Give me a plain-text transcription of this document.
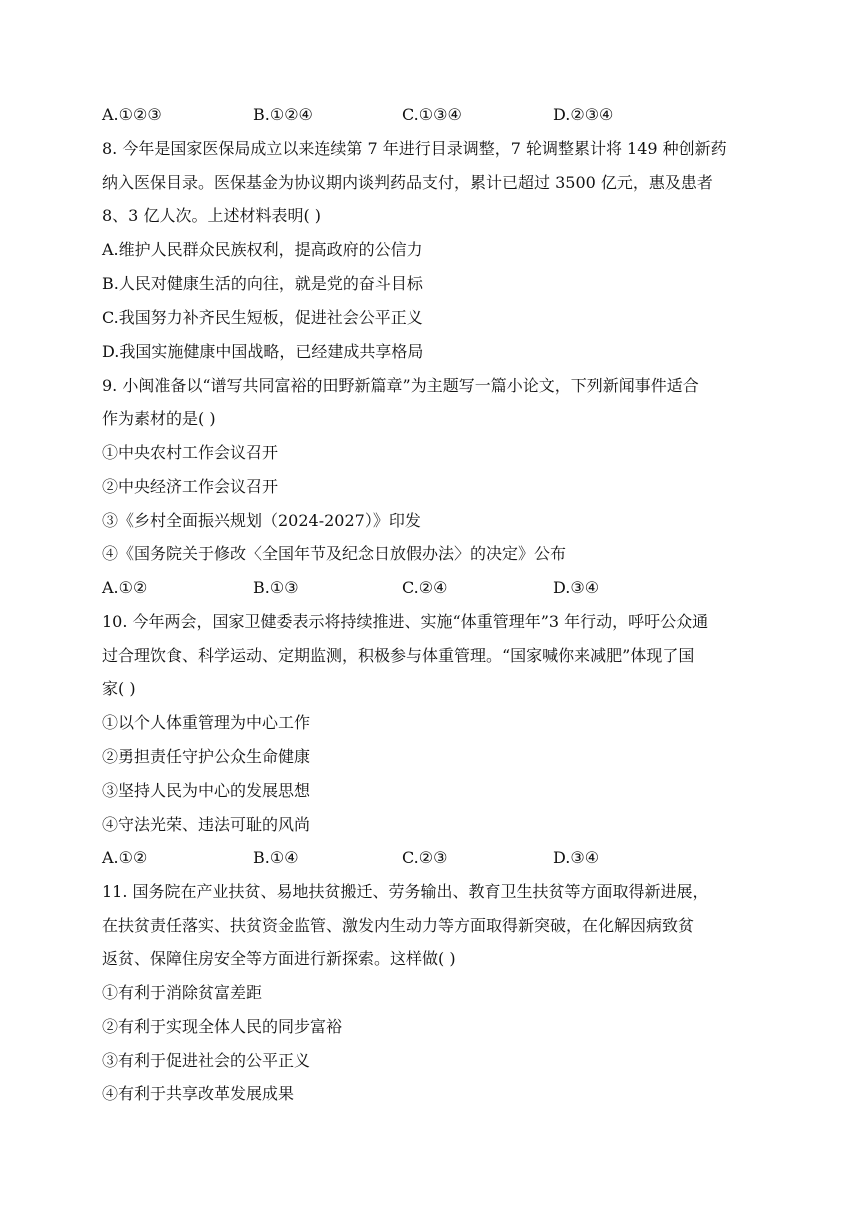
A.①②③	B.①②④	C.①③④	D.②③④
8. 今年是国家医保局成立以来连续第 7 年进行目录调整，7 轮调整累计将 149 种创新药
纳入医保目录。医保基金为协议期内谈判药品支付，累计已超过 3500 亿元，惠及患者
8、3 亿人次。上述材料表明( )
A.维护人民群众民族权利，提高政府的公信力
B.人民对健康生活的向往，就是党的奋斗目标
C.我国努力补齐民生短板，促进社会公平正义
D.我国实施健康中国战略，已经建成共享格局
9. 小闽准备以“谱写共同富裕的田野新篇章”为主题写一篇小论文，下列新闻事件适合
作为素材的是( )
①中央农村工作会议召开
②中央经济工作会议召开
③《乡村全面振兴规划（2024-2027）》印发
④《国务院关于修改〈全国年节及纪念日放假办法〉的决定》公布
A.①②	B.①③	C.②④	D.③④
10. 今年两会，国家卫健委表示将持续推进、实施“体重管理年”3 年行动，呼吁公众通
过合理饮食、科学运动、定期监测，积极参与体重管理。“国家喊你来减肥”体现了国
家( )
①以个人体重管理为中心工作
②勇担责任守护公众生命健康
③坚持人民为中心的发展思想
④守法光荣、违法可耻的风尚
A.①②	B.①④	C.②③	D.③④
11. 国务院在产业扶贫、易地扶贫搬迁、劳务输出、教育卫生扶贫等方面取得新进展，
在扶贫责任落实、扶贫资金监管、激发内生动力等方面取得新突破，在化解因病致贫
返贫、保障住房安全等方面进行新探索。这样做( )
①有利于消除贫富差距
②有利于实现全体人民的同步富裕
③有利于促进社会的公平正义
④有利于共享改革发展成果
